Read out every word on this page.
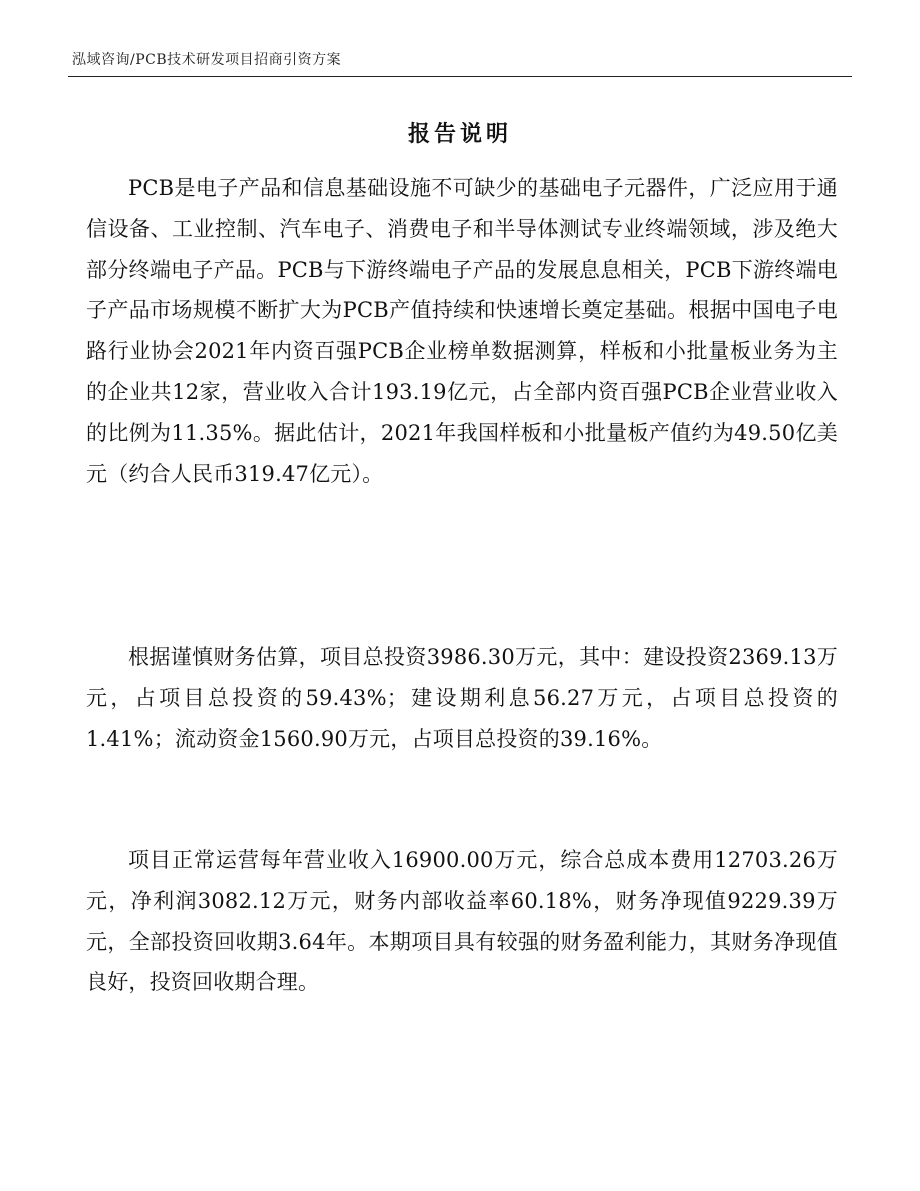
泓域咨询/PCB技术研发项目招商引资方案
报告说明

PCB是电子产品和信息基础设施不可缺少的基础电子元器件，广泛应用于通信设备、工业控制、汽车电子、消费电子和半导体测试专业终端领域，涉及绝大部分终端电子产品。PCB与下游终端电子产品的发展息息相关，PCB下游终端电子产品市场规模不断扩大为PCB产值持续和快速增长奠定基础。根据中国电子电路行业协会2021年内资百强PCB企业榜单数据测算，样板和小批量板业务为主的企业共12家，营业收入合计193.19亿元，占全部内资百强PCB企业营业收入的比例为11.35%。据此估计，2021年我国样板和小批量板产值约为49.50亿美元（约合人民币319.47亿元）。

根据谨慎财务估算，项目总投资3986.30万元，其中：建设投资2369.13万元，占项目总投资的59.43%；建设期利息56.27万元，占项目总投资的1.41%；流动资金1560.90万元，占项目总投资的39.16%。

项目正常运营每年营业收入16900.00万元，综合总成本费用12703.26万元，净利润3082.12万元，财务内部收益率60.18%，财务净现值9229.39万元，全部投资回收期3.64年。本期项目具有较强的财务盈利能力，其财务净现值良好，投资回收期合理。
